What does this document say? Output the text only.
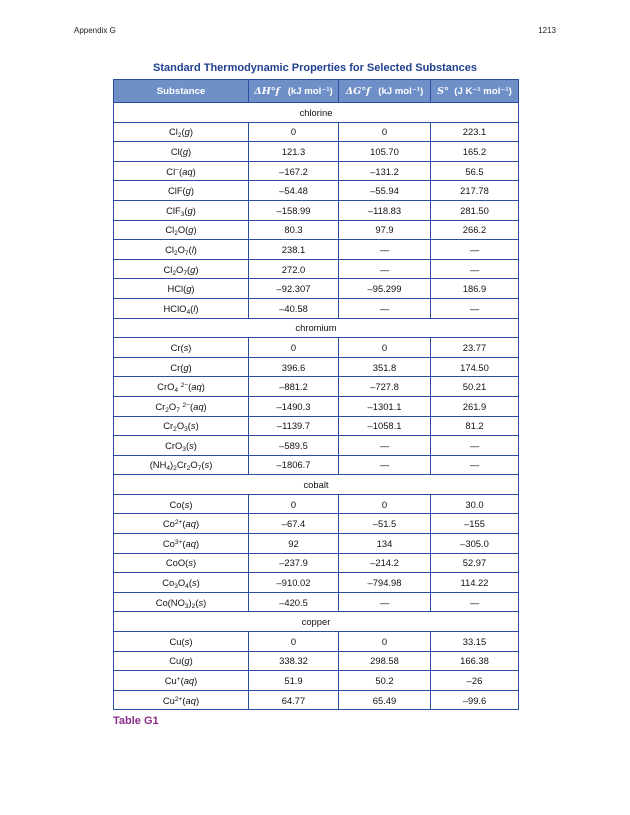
Appendix G	1213
Standard Thermodynamic Properties for Selected Substances
Substance	ΔH°f (kJ mol⁻¹)	ΔG°f (kJ mol⁻¹)	S° (J K⁻¹ mol⁻¹)
chlorine			
$Cl_2(g)$	0	0	223.1
Cl(g)	121.3	105.70	165.2
Cl−(aq)	–167.2	–131.2	56.5
ClF(g)	–54.48	–55.94	217.78
ClF$_3$(g)	–158.99	–118.83	281.50
$Cl_2O(g)$	80.3	97.9	266.2
$Cl_2O_7(l)$	238.1	—	—
$Cl_2O_7(g)$	272.0	—	—
HCl(g)	–92.307	–95.299	186.9
HClO$_4$(l)	–40.58	—	—
chromium			
Cr(s)	0	0	23.77
Cr(g)	396.6	351.8	174.50
CrO$_4$ $^{2-}$(aq)	–881.2	–727.8	50.21
$Cr_2O_7$ $^{2-}$(aq)	–1490.3	–1301.1	261.9
$Cr_2O_3(s)$	–1139.7	–1058.1	81.2
CrO$_3$(s)	–589.5	—	—
$(NH_4)_2Cr_2O_7(s)$	–1806.7	—	—
cobalt			
Co(s)	0	0	30.0
$Co^{2+}(aq)$	–67.4	–51.5	–155
$Co^{3+}(aq)$	92	134	–305.0
CoO(s)	–237.9	–214.2	52.97
$Co_3O_4(s)$	–910.02	–794.98	114.22
$Co(NO_3)_2(s)$	–420.5	—	—
copper			
Cu(s)	0	0	33.15
Cu(g)	338.32	298.58	166.38
Cu+(aq)	51.9	50.2	–26
$Cu^{2+}(aq)$	64.77	65.49	–99.6
Table G1
